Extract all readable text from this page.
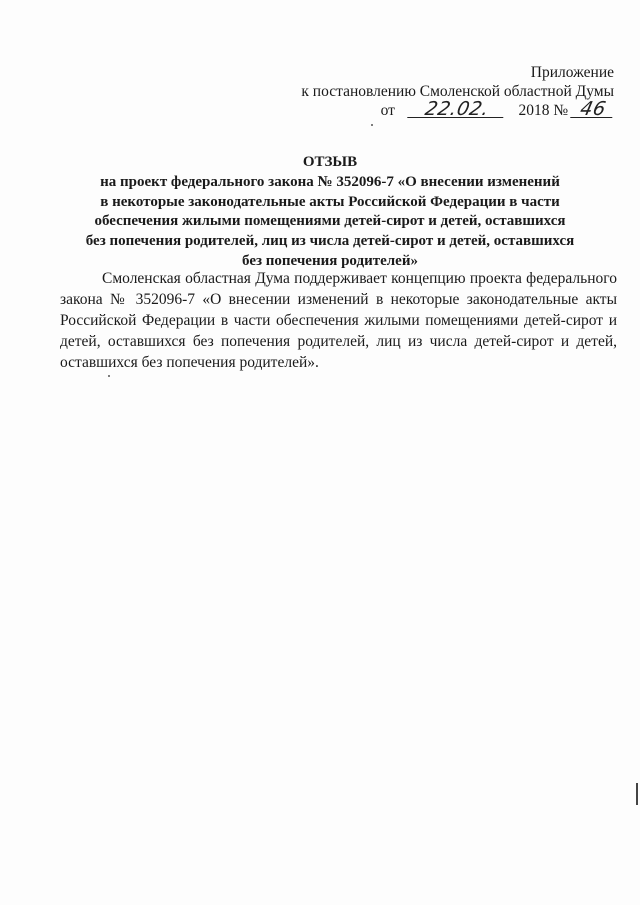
Приложение
к постановлению Смоленской областной Думы
от 22.02. 2018 № 46
ОТЗЫВ
на проект федерального закона № 352096-7 «О внесении изменений
в некоторые законодательные акты Российской Федерации в части
обеспечения жилыми помещениями детей-сирот и детей, оставшихся
без попечения родителей, лиц из числа детей-сирот и детей, оставшихся
без попечения родителей»
Смоленская областная Дума поддерживает концепцию проекта федерального закона № 352096-7 «О внесении изменений в некоторые законодательные акты Российской Федерации в части обеспечения жилыми помещениями детей-сирот и детей, оставшихся без попечения родителей, лиц из числа детей-сирот и детей, оставшихся без попечения родителей».
